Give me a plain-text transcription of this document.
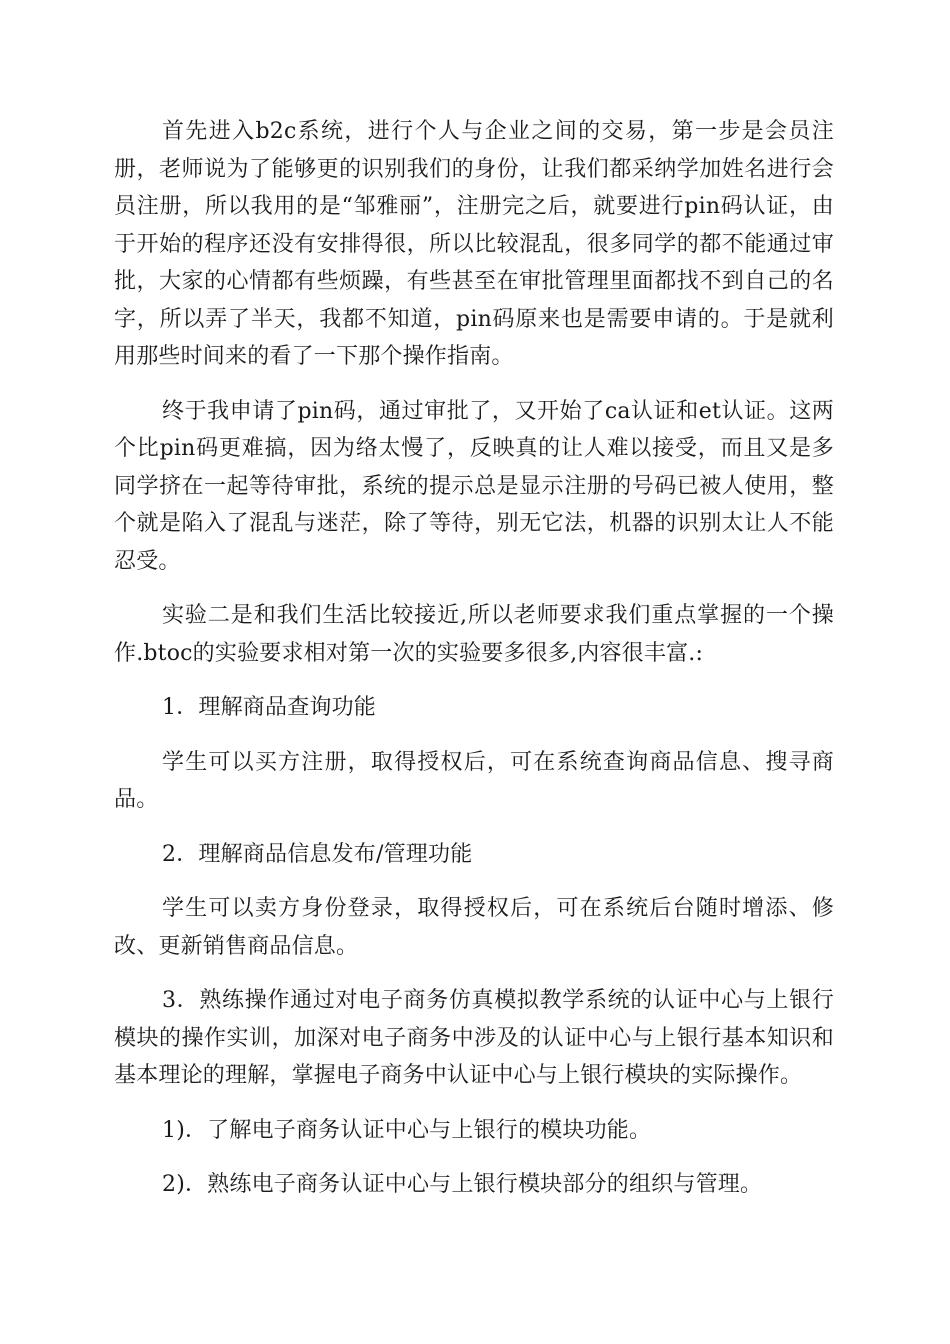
首先进入b2c系统，进行个人与企业之间的交易，第一步是会员注册，老师说为了能够更的识别我们的身份，让我们都采纳学加姓名进行会员注册，所以我用的是“邹雅丽”，注册完之后，就要进行pin码认证，由于开始的程序还没有安排得很，所以比较混乱，很多同学的都不能通过审批，大家的心情都有些烦躁，有些甚至在审批管理里面都找不到自己的名字，所以弄了半天，我都不知道，pin码原来也是需要申请的。于是就利用那些时间来的看了一下那个操作指南。

终于我申请了pin码，通过审批了，又开始了ca认证和et认证。这两个比pin码更难搞，因为络太慢了，反映真的让人难以接受，而且又是多同学挤在一起等待审批，系统的提示总是显示注册的号码已被人使用，整个就是陷入了混乱与迷茫，除了等待，别无它法，机器的识别太让人不能忍受。

实验二是和我们生活比较接近,所以老师要求我们重点掌握的一个操作.btoc的实验要求相对第一次的实验要多很多,内容很丰富.:

1．理解商品查询功能

学生可以买方注册，取得授权后，可在系统查询商品信息、搜寻商品。

2．理解商品信息发布/管理功能

学生可以卖方身份登录，取得授权后，可在系统后台随时增添、修改、更新销售商品信息。

3．熟练操作通过对电子商务仿真模拟教学系统的认证中心与上银行模块的操作实训，加深对电子商务中涉及的认证中心与上银行基本知识和基本理论的理解，掌握电子商务中认证中心与上银行模块的实际操作。

1)．了解电子商务认证中心与上银行的模块功能。

2)．熟练电子商务认证中心与上银行模块部分的组织与管理。
